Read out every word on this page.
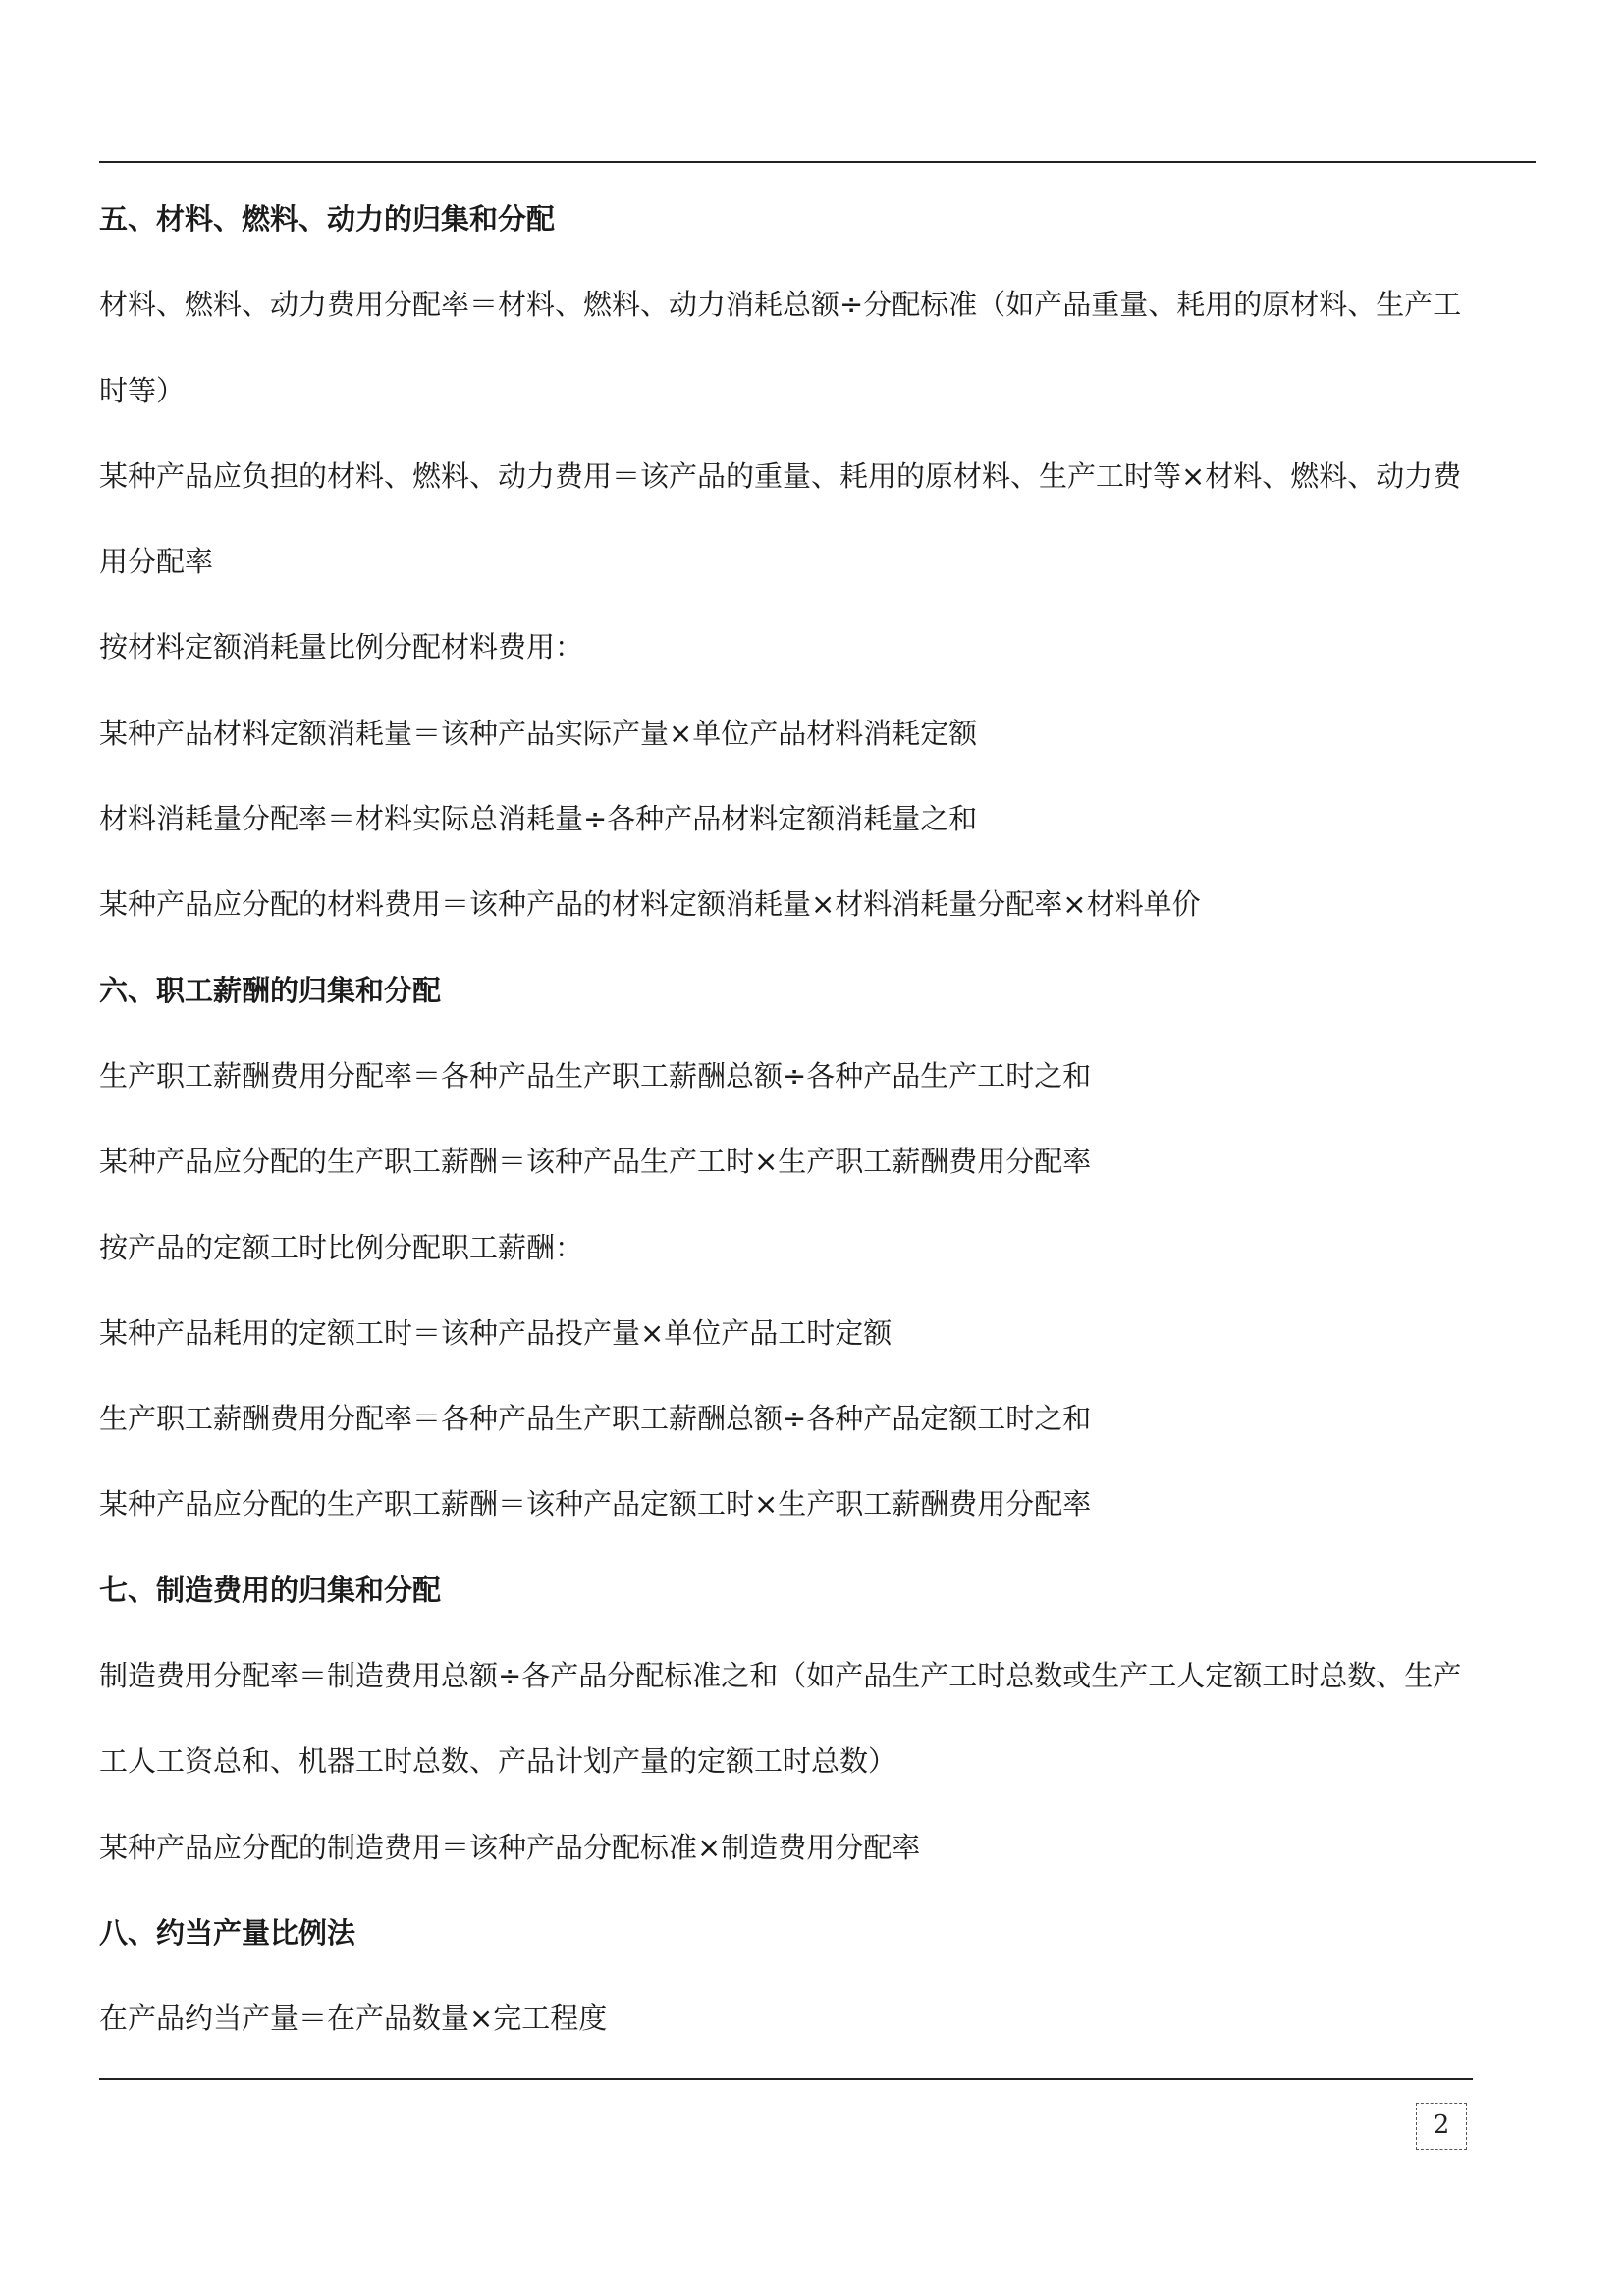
五、材料、燃料、动力的归集和分配
材料、燃料、动力费用分配率＝材料、燃料、动力消耗总额÷分配标准（如产品重量、耗用的原材料、生产工
时等）
某种产品应负担的材料、燃料、动力费用＝该产品的重量、耗用的原材料、生产工时等×材料、燃料、动力费
用分配率
按材料定额消耗量比例分配材料费用：
某种产品材料定额消耗量＝该种产品实际产量×单位产品材料消耗定额
材料消耗量分配率＝材料实际总消耗量÷各种产品材料定额消耗量之和
某种产品应分配的材料费用＝该种产品的材料定额消耗量×材料消耗量分配率×材料单价
六、职工薪酬的归集和分配
生产职工薪酬费用分配率＝各种产品生产职工薪酬总额÷各种产品生产工时之和
某种产品应分配的生产职工薪酬＝该种产品生产工时×生产职工薪酬费用分配率
按产品的定额工时比例分配职工薪酬：
某种产品耗用的定额工时＝该种产品投产量×单位产品工时定额
生产职工薪酬费用分配率＝各种产品生产职工薪酬总额÷各种产品定额工时之和
某种产品应分配的生产职工薪酬＝该种产品定额工时×生产职工薪酬费用分配率
七、制造费用的归集和分配
制造费用分配率＝制造费用总额÷各产品分配标准之和（如产品生产工时总数或生产工人定额工时总数、生产
工人工资总和、机器工时总数、产品计划产量的定额工时总数）
某种产品应分配的制造费用＝该种产品分配标准×制造费用分配率
八、约当产量比例法
在产品约当产量＝在产品数量×完工程度
2
